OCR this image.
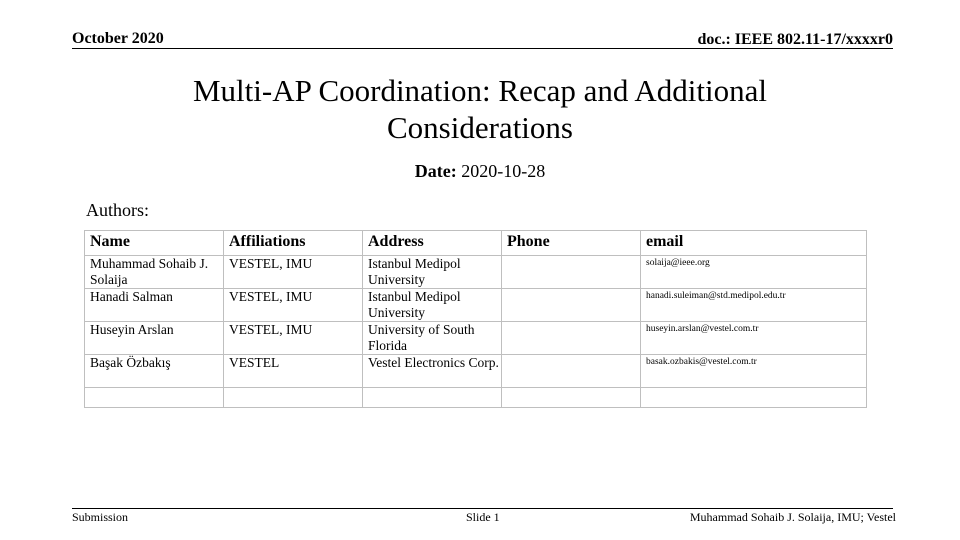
October 2020	doc.: IEEE 802.11-17/xxxxr0
Multi-AP Coordination: Recap and Additional
Considerations
Date: 2020-10-28
Authors:
Name	Affiliations	Address	Phone	email
Muhammad Sohaib J. Solaija	VESTEL, IMU	Istanbul Medipol University		solaija@ieee.org
Hanadi Salman	VESTEL, IMU	Istanbul Medipol University		hanadi.suleiman@std.medipol.edu.tr
Huseyin Arslan	VESTEL, IMU	University of South Florida		huseyin.arslan@vestel.com.tr
Başak Özbakış	VESTEL	Vestel Electronics Corp.		basak.ozbakis@vestel.com.tr

Submission	Slide 1	Muhammad Sohaib J. Solaija, IMU; Vestel
